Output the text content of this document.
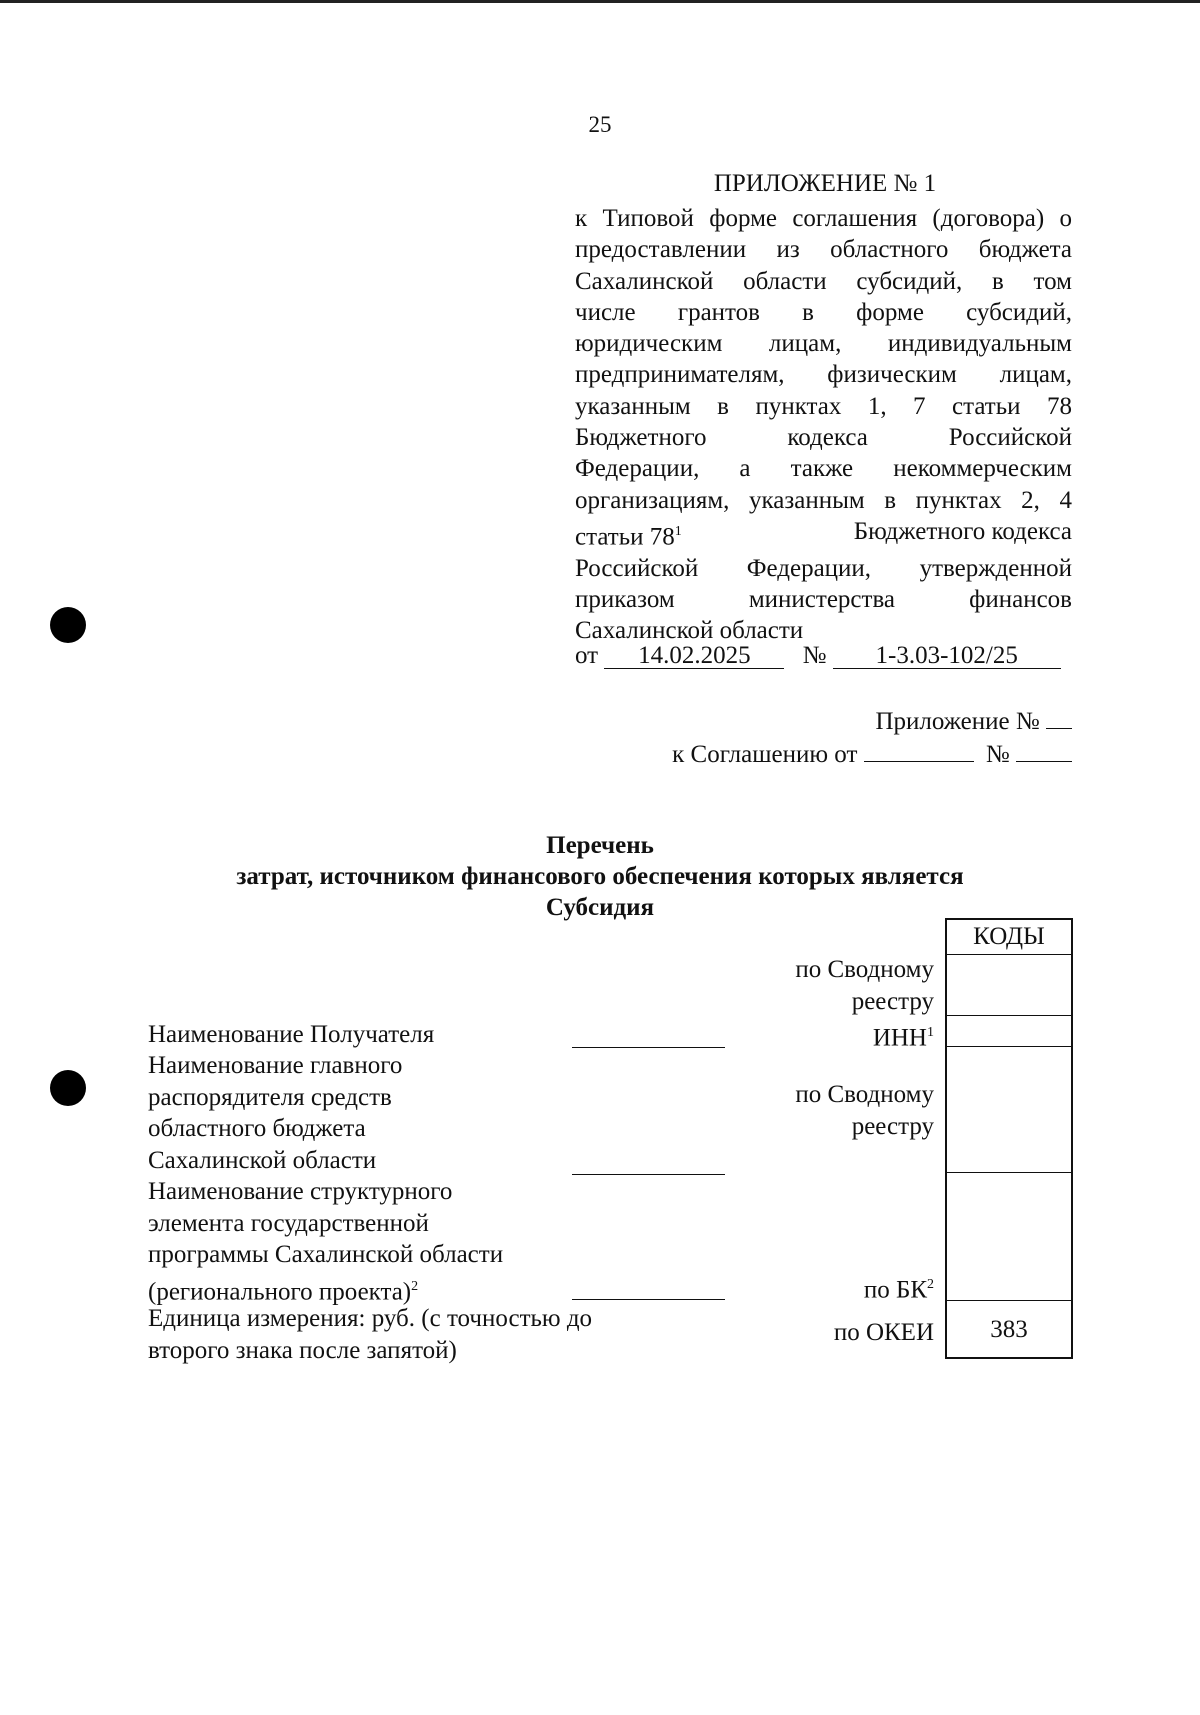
25
ПРИЛОЖЕНИЕ № 1
к Типовой форме соглашения (договора) о
предоставлении из областного бюджета
Сахалинской области субсидий, в том
числе грантов в форме субсидий,
юридическим лицам, индивидуальным
предпринимателям, физическим лицам,
указанным в пунктах 1, 7 статьи 78
Бюджетного кодекса Российской
Федерации, а также некоммерческим
организациям, указанным в пунктах 2, 4
статьи $78^1$	Бюджетного кодекса
Российской Федерации, утвержденной
приказом министерства финансов
Сахалинской области
от 14.02.2025 № 1-3.03-102/25
Приложение №
к Соглашению от	№
Перечень
затрат, источником финансового обеспечения которых является
Субсидия
Наименование Получателя
Наименование главного
распорядителя средств
областного бюджета
Сахалинской области
Наименование структурного
элемента государственной
программы Сахалинской области
(регионального проекта)$^2$
Единица измерения: руб. (с точностью до
второго знака после запятой)
по Сводному
реестру
ИНН$^1$
по Сводному
реестру
по $БК^2$
по ОКЕИ
КОДЫ
383
